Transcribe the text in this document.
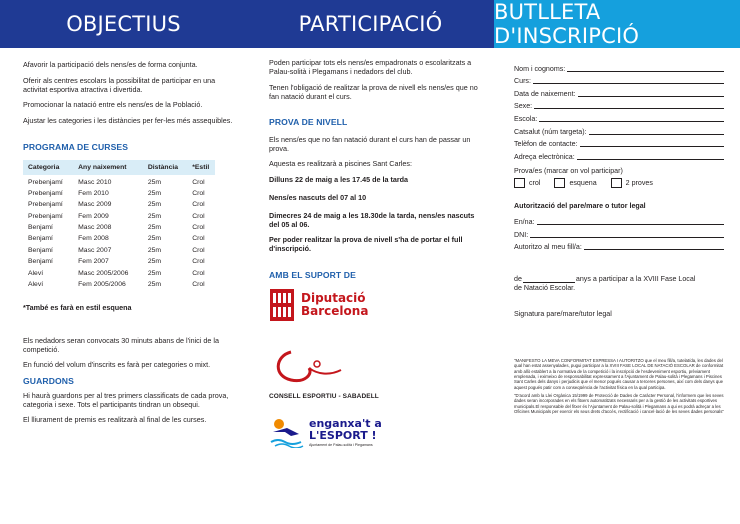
OBJECTIUS	PARTICIPACIÓ	BUTLLETA D'INSCRIPCIÓ

Afavorir la participació dels nens/es de forma conjunta.

Oferir als centres escolars la possibilitat de participar en una activitat esportiva atractiva i divertida.

Promocionar la natació entre els nens/es de la Població.

Ajustar les categories i les distàncies per fer-les més assequibles.

PROGRAMA DE CURSES
Categoria	Any naixement	Distància	*Estil
Prebenjamí	Masc 2010	25m	Crol
Prebenjamí	Fem 2010	25m	Crol
Prebenjamí	Masc 2009	25m	Crol
Prebenjamí	Fem 2009	25m	Crol
Benjamí	Masc 2008	25m	Crol
Benjamí	Fem 2008	25m	Crol
Benjamí	Masc 2007	25m	Crol
Benjamí	Fem 2007	25m	Crol
Aleví	Masc 2005/2006	25m	Crol
Aleví	Fem 2005/2006	25m	Crol

*També es farà en estil esquena

Els nedadors seran convocats 30 minuts abans de l'inici de la competició.

En funció del volum d'inscrits es farà per categories o mixt.

GUARDONS

Hi haurà guardons per al tres primers classificats de cada prova, categoria i sexe. Tots el participants tindran un obsequi.

El lliurament de premis es realitzarà al final de les curses.

Poden participar tots els nens/es empadronats o escolaritzats a Palau-solità i Plegamans i nedadors del club.

Tenen l'obligació de realitzar la prova de nivell els nens/es que no fan natació durant el curs.

PROVA DE NIVELL

Els nens/es que no fan natació durant el curs han de passar un prova.

Aquesta es realitzarà a piscines Sant Carles:

Dilluns 22 de maig a les 17.45 de la tarda

Nens/es nascuts del 07 al 10

Dimecres 24 de maig a les 18.30de la tarda, nens/es nascuts del 05 al 06.

Per poder realitzar la prova de nivell s'ha de portar el full d'inscripció.

AMB EL SUPORT DE
Diputació
Barcelona
CONSELL ESPORTIU - SABADELL
enganxa't a
L'ESPORT !
Ajuntament de Palau-solità i Plegamans
Nom i cognoms:
Curs:
Data de naixement:
Sexe:
Escola:
Catsalut (núm targeta):
Telèfon de contacte:
Adreça electrònica:
Prova/es (marcar on vol participar)
crol	esquena	2 proves
Autorització del pare/mare o tutor legal
En/na:
DNI:
Autoritzo al meu fill/a:
de	anys a participar a la XVIII Fase Local
de Natació Escolar.
Signatura pare/mare/tutor legal

"MANIFESTO LA MEVA CONFORMITAT EXPRESSA I AUTORITZO que el meu fill/a, tutelat/da, les dades del qual han estat assenyalades, pugui participar a la XVIII FASE LOCAL DE NATACIÓ ESCOLAR de conformitat amb allò establert a la normativa de la competició i la inscripció de l'esdeveniment esportiu, prèviament emplenada, i eximeixo de responsabilitat expressament a l'Ajuntament de Palau-solità i Plegamans i Piscines Sant Carles dels danys i perjudicis que el menor pogués causar a terceres persones, així com dels danys que aquest pogués patir com a conseqüència de l'activitat física en la qual participa.

"D'acord amb la Llei Orgànica 15/1999 de Protecció de Dades de Caràcter Personal, l'informem que les seves dades seran incorporades en els fitxers automatitzats necessaris per a la gestió de les activitats esportives municipals.El responsable del fitxer és l'Ajuntament de Palau-solità i Plegamans a qui es podrà adreçar a les Oficines Municipals per exercir els seus drets d'accés, rectificació i cancel·lació de les seves dades personals"
